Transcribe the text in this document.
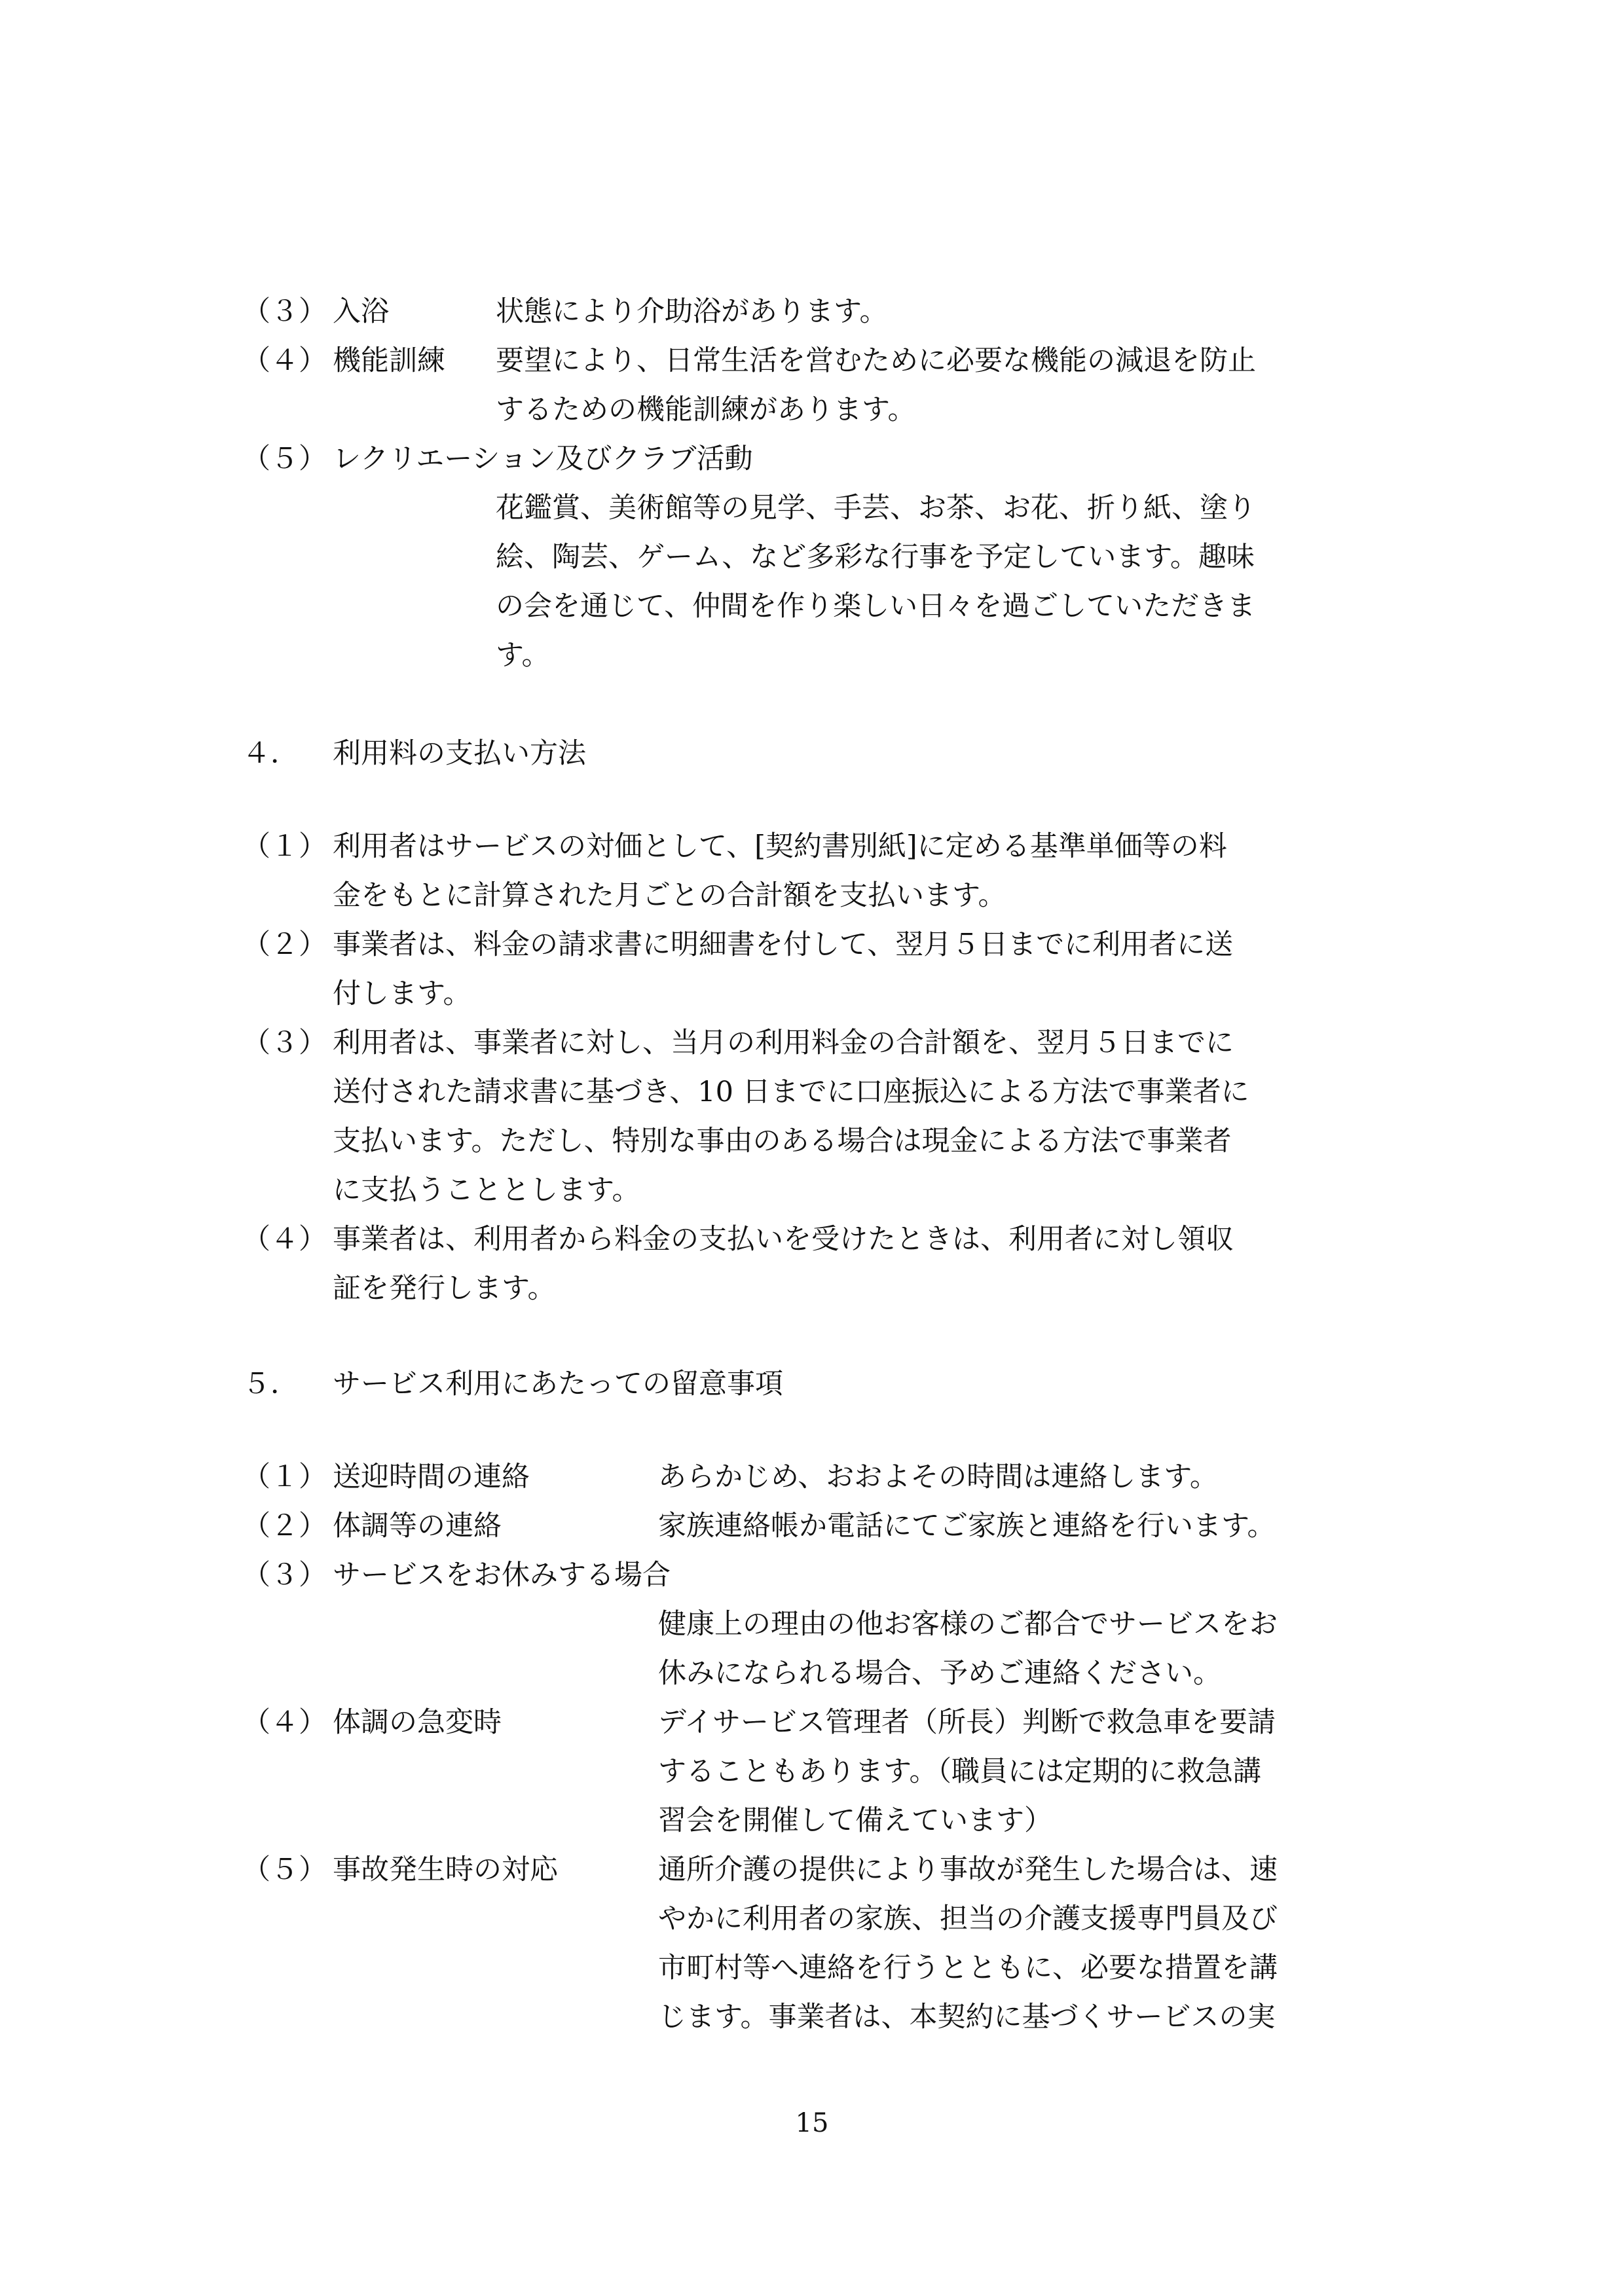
（３） 入浴	状態により介助浴があります。
（４） 機能訓練 要望により、日常生活を営むために必要な機能の減退を防止
するための機能訓練があります。
（５） レクリエーション及びクラブ活動
花鑑賞、美術館等の見学、手芸、お茶、お花、折り紙、塗り
絵、陶芸、ゲーム、など多彩な行事を予定しています。趣味
の会を通じて、仲間を作り楽しい日々を過ごしていただきま
す。
４． 利用料の支払い方法
（１） 利用者はサービスの対価として、[契約書別紙]に定める基準単価等の料
金をもとに計算された月ごとの合計額を支払います。
（２） 事業者は、料金の請求書に明細書を付して、翌月５日までに利用者に送
付します。
（３） 利用者は、事業者に対し、当月の利用料金の合計額を、翌月５日までに
送付された請求書に基づき、10 日までに口座振込による方法で事業者に
支払います。ただし、特別な事由のある場合は現金による方法で事業者
に支払うこととします。
（４） 事業者は、利用者から料金の支払いを受けたときは、利用者に対し領収
証を発行します。
５． サービス利用にあたっての留意事項
（１） 送迎時間の連絡	あらかじめ、おおよその時間は連絡します。
（２） 体調等の連絡	家族連絡帳か電話にてご家族と連絡を行います。
（３） サービスをお休みする場合
健康上の理由の他お客様のご都合でサービスをお
休みになられる場合、予めご連絡ください。
（４） 体調の急変時	デイサービス管理者（所長）判断で救急車を要請
することもあります。（職員には定期的に救急講
習会を開催して備えています）
（５） 事故発生時の対応	通所介護の提供により事故が発生した場合は、速
やかに利用者の家族、担当の介護支援専門員及び
市町村等へ連絡を行うとともに、必要な措置を講
じます。事業者は、本契約に基づくサービスの実
15
